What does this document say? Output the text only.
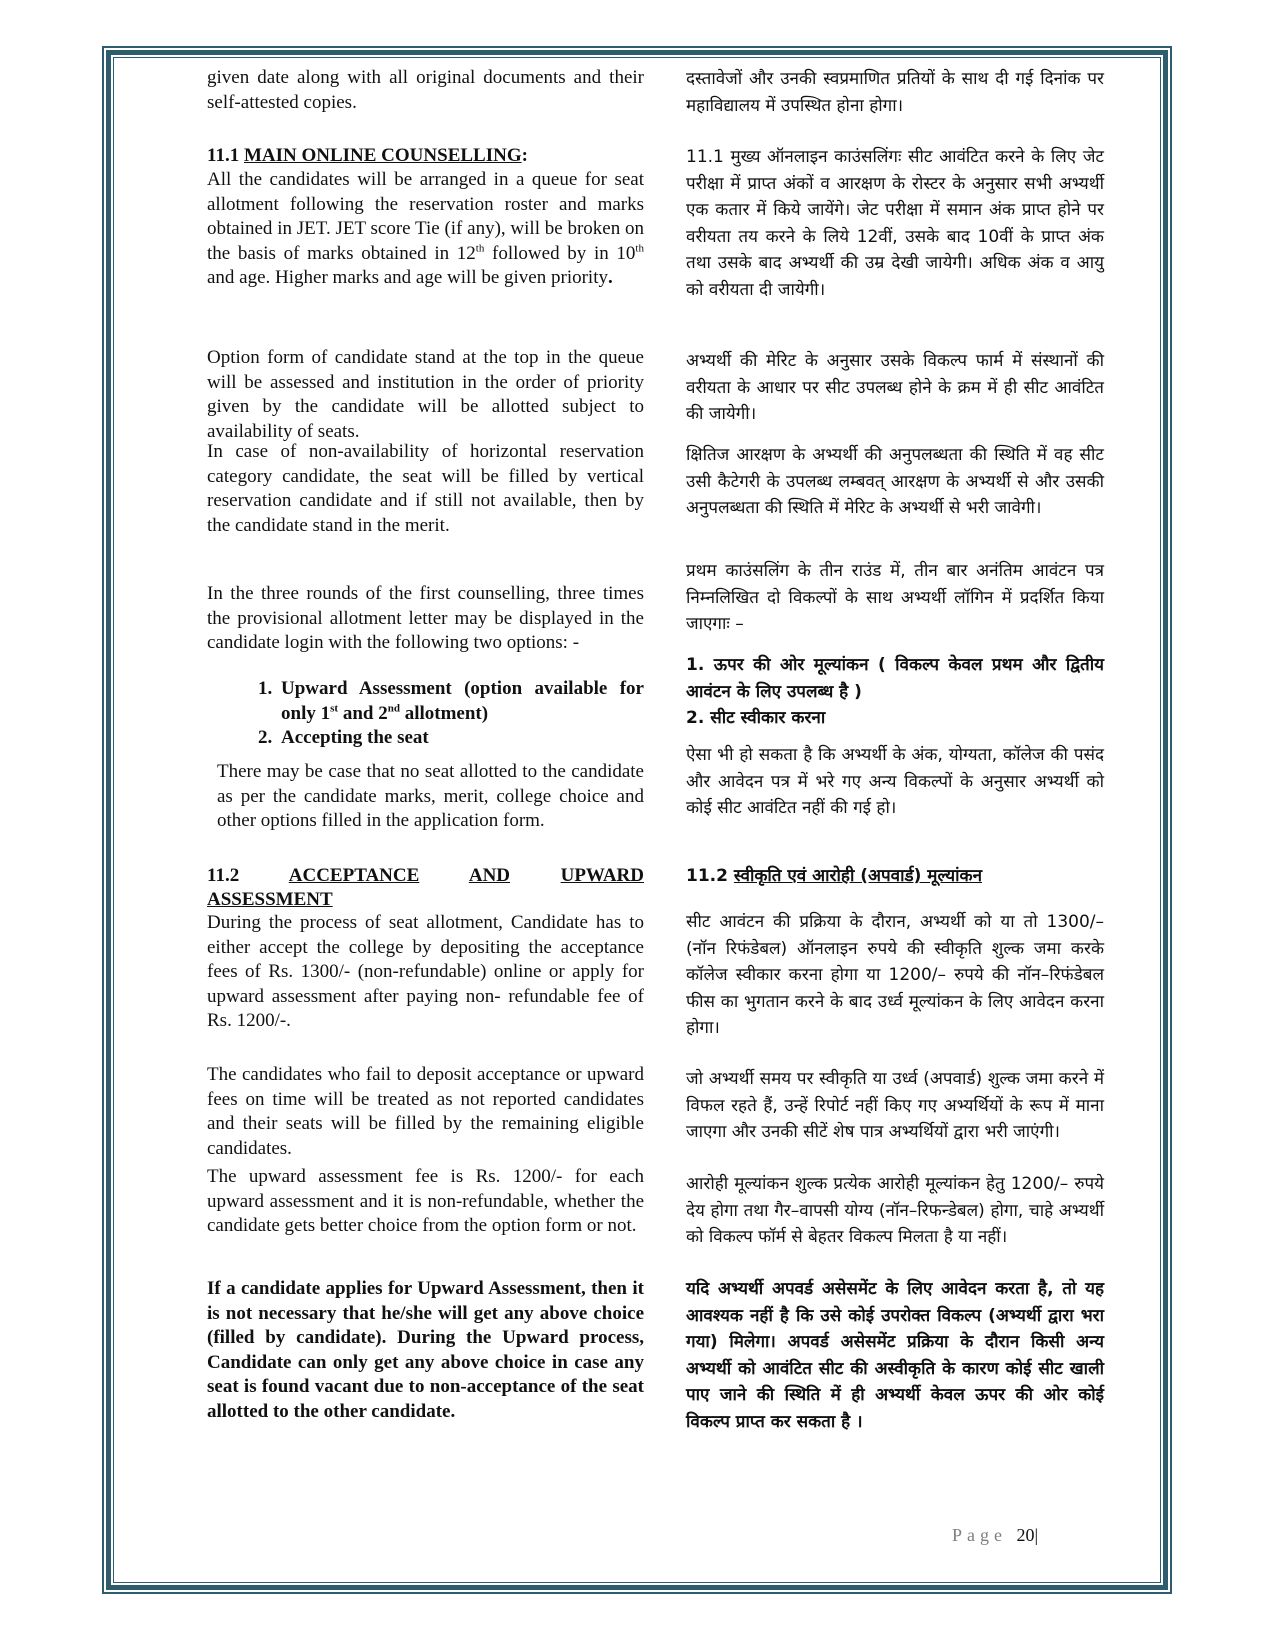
given date along with all original documents and their self-attested copies.

11.1 MAIN ONLINE COUNSELLING:

All the candidates will be arranged in a queue for seat allotment following the reservation roster and marks obtained in JET. JET score Tie (if any), will be broken on the basis of marks obtained in 12th followed by in 10th and age. Higher marks and age will be given priority.

Option form of candidate stand at the top in the queue will be assessed and institution in the order of priority given by the candidate will be allotted subject to availability of seats.

In case of non-availability of horizontal reservation category candidate, the seat will be filled by vertical reservation candidate and if still not available, then by the candidate stand in the merit.

In the three rounds of the first counselling, three times the provisional allotment letter may be displayed in the candidate login with the following two options: -

1. Upward Assessment (option available for only 1st and 2nd allotment)
2. Accepting the seat

There may be case that no seat allotted to the candidate as per the candidate marks, merit, college choice and other options filled in the application form.

11.2	ACCEPTANCE	AND	UPWARD
ASSESSMENT

During the process of seat allotment, Candidate has to either accept the college by depositing the acceptance fees of Rs. 1300/- (non-refundable) online or apply for upward assessment after paying non- refundable fee of Rs. 1200/-.

The candidates who fail to deposit acceptance or upward fees on time will be treated as not reported candidates and their seats will be filled by the remaining eligible candidates.

The upward assessment fee is Rs. 1200/- for each upward assessment and it is non-refundable, whether the candidate gets better choice from the option form or not.

If a candidate applies for Upward Assessment, then it is not necessary that he/she will get any above choice (filled by candidate). During the Upward process, Candidate can only get any above choice in case any seat is found vacant due to non-acceptance of the seat allotted to the other candidate.

दस्तावेजों और उनकी स्वप्रमाणित प्रतियों के साथ दी गई दिनांक पर महाविद्यालय में उपस्थित होना होगा।

11.1 मुख्य ऑनलाइन काउंसलिंगः सीट आवंटित करने के लिए जेट परीक्षा में प्राप्त अंकों व आरक्षण के रोस्टर के अनुसार सभी अभ्यर्थी एक कतार में किये जायेंगे। जेट परीक्षा में समान अंक प्राप्त होने पर वरीयता तय करने के लिये 12वीं, उसके बाद 10वीं के प्राप्त अंक तथा उसके बाद अभ्यर्थी की उम्र देखी जायेगी। अधिक अंक व आयु को वरीयता दी जायेगी।

अभ्यर्थी की मेरिट के अनुसार उसके विकल्प फार्म में संस्थानों की वरीयता के आधार पर सीट उपलब्ध होने के क्रम में ही सीट आवंटित की जायेगी।

क्षितिज आरक्षण के अभ्यर्थी की अनुपलब्धता की स्थिति में वह सीट उसी कैटेगरी के उपलब्ध लम्बवत् आरक्षण के अभ्यर्थी से और उसकी अनुपलब्धता की स्थिति में मेरिट के अभ्यर्थी से भरी जावेगी।

प्रथम काउंसलिंग के तीन राउंड में, तीन बार अनंतिम आवंटन पत्र निम्नलिखित दो विकल्पों के साथ अभ्यर्थी लॉगिन में प्रदर्शित किया जाएगाः –

1. ऊपर की ओर मूल्यांकन ( विकल्प केवल प्रथम और द्वितीय आवंटन के लिए उपलब्ध है )

2. सीट स्वीकार करना

ऐसा भी हो सकता है कि अभ्यर्थी के अंक, योग्यता, कॉलेज की पसंद और आवेदन पत्र में भरे गए अन्य विकल्पों के अनुसार अभ्यर्थी को कोई सीट आवंटित नहीं की गई हो।

11.2 स्वीकृति एवं आरोही (अपवार्ड) मूल्यांकन

सीट आवंटन की प्रक्रिया के दौरान, अभ्यर्थी को या तो 1300/– (नॉन रिफंडेबल) ऑनलाइन रुपये की स्वीकृति शुल्क जमा करके कॉलेज स्वीकार करना होगा या 1200/– रुपये की नॉन–रिफंडेबल फीस का भुगतान करने के बाद उर्ध्व मूल्यांकन के लिए आवेदन करना होगा।

जो अभ्यर्थी समय पर स्वीकृति या उर्ध्व (अपवार्ड) शुल्क जमा करने में विफल रहते हैं, उन्हें रिपोर्ट नहीं किए गए अभ्यर्थियों के रूप में माना जाएगा और उनकी सीटें शेष पात्र अभ्यर्थियों द्वारा भरी जाएंगी।

आरोही मूल्यांकन शुल्क प्रत्येक आरोही मूल्यांकन हेतु 1200/– रुपये देय होगा तथा गैर–वापसी योग्य (नॉन–रिफन्डेबल) होगा, चाहे अभ्यर्थी को विकल्प फॉर्म से बेहतर विकल्प मिलता है या नहीं।

यदि अभ्यर्थी अपवर्ड असेसमेंट के लिए आवेदन करता है, तो यह आवश्यक नहीं है कि उसे कोई उपरोक्त विकल्प (अभ्यर्थी द्वारा भरा गया) मिलेगा। अपवर्ड असेसमेंट प्रक्रिया के दौरान किसी अन्य अभ्यर्थी को आवंटित सीट की अस्वीकृति के कारण कोई सीट खाली पाए जाने की स्थिति में ही अभ्यर्थी केवल ऊपर की ओर कोई विकल्प प्राप्त कर सकता है ।

Page 20|
